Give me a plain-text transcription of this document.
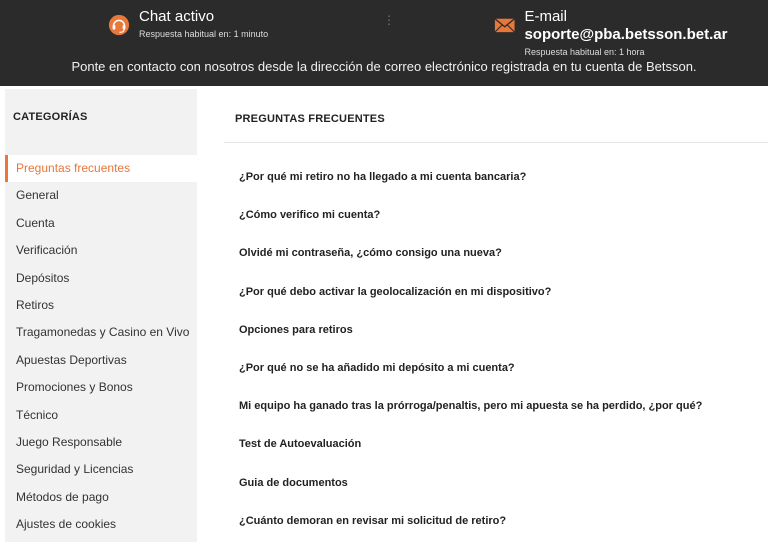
Chat activo
Respuesta habitual en: 1 minuto
⋮	E-mail soporte@pba.betsson.bet.ar
Respuesta habitual en: 1 hora
Ponte en contacto con nosotros desde la dirección de correo electrónico registrada en tu cuenta de Betsson.
CATEGORÍAS
Preguntas frecuentes
General
Cuenta
Verificación
Depósitos
Retiros
Tragamonedas y Casino en Vivo
Apuestas Deportivas
Promociones y Bonos
Técnico
Juego Responsable
Seguridad y Licencias
Métodos de pago
Ajustes de cookies
PREGUNTAS FRECUENTES
¿Por qué mi retiro no ha llegado a mi cuenta bancaria?
¿Cómo verifico mi cuenta?
Olvidé mi contraseña, ¿cómo consigo una nueva?
¿Por qué debo activar la geolocalización en mi dispositivo?
Opciones para retiros
¿Por qué no se ha añadido mi depósito a mi cuenta?
Mi equipo ha ganado tras la prórroga/penaltis, pero mi apuesta se ha perdido, ¿por qué?
Test de Autoevaluación
Guia de documentos
¿Cuánto demoran en revisar mi solicitud de retiro?
